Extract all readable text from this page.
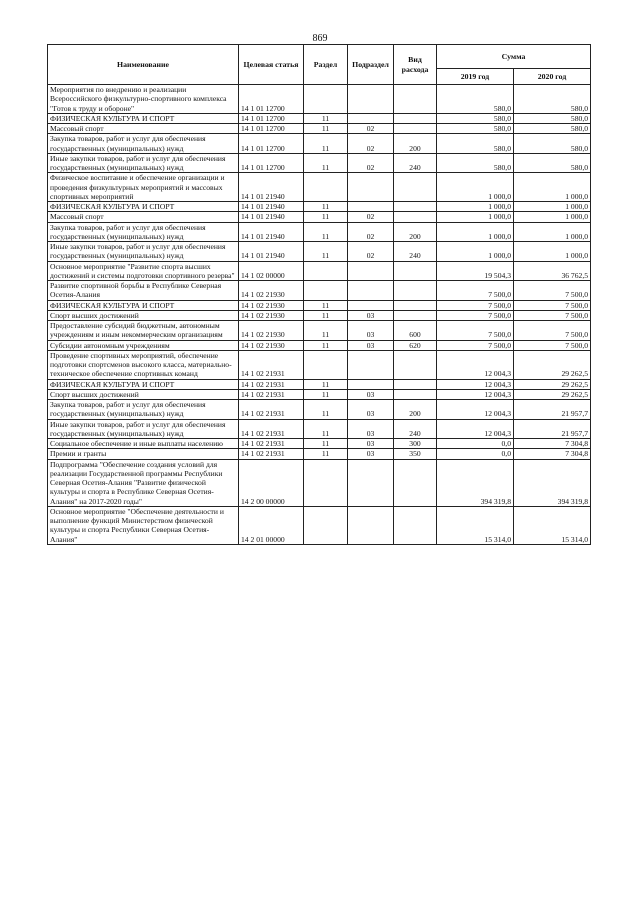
869
Наименование	Целевая статья	Раздел	Подраздел	Вид расхода	Сумма	
					2019 год	2020 год
Мероприятия по внедрению и реализации Всероссийского физкультурно-спортивного комплекса "Готов к труду и обороне"	14 1 01 12700				580,0	580,0
ФИЗИЧЕСКАЯ КУЛЬТУРА И СПОРТ	14 1 01 12700	11			580,0	580,0
Массовый спорт	14 1 01 12700	11	02		580,0	580,0
Закупка товаров, работ и услуг для обеспечения государственных (муниципальных) нужд	14 1 01 12700	11	02	200	580,0	580,0
Иные закупки товаров, работ и услуг для обеспечения государственных (муниципальных) нужд	14 1 01 12700	11	02	240	580,0	580,0
Физическое воспитание и обеспечение организации и проведения физкультурных мероприятий и массовых спортивных мероприятий	14 1 01 21940				1 000,0	1 000,0
ФИЗИЧЕСКАЯ КУЛЬТУРА И СПОРТ	14 1 01 21940	11			1 000,0	1 000,0
Массовый спорт	14 1 01 21940	11	02		1 000,0	1 000,0
Закупка товаров, работ и услуг для обеспечения государственных (муниципальных) нужд	14 1 01 21940	11	02	200	1 000,0	1 000,0
Иные закупки товаров, работ и услуг для обеспечения государственных (муниципальных) нужд	14 1 01 21940	11	02	240	1 000,0	1 000,0
Основное мероприятие "Развитие спорта высших достижений и системы подготовки спортивного резерва"	14 1 02 00000				19 504,3	36 762,5
Развитие спортивной борьбы в Республике Северная Осетия-Алания	14 1 02 21930				7 500,0	7 500,0
ФИЗИЧЕСКАЯ КУЛЬТУРА И СПОРТ	14 1 02 21930	11			7 500,0	7 500,0
Спорт высших достижений	14 1 02 21930	11	03		7 500,0	7 500,0
Предоставление субсидий бюджетным, автономным учреждениям и иным некоммерческим организациям	14 1 02 21930	11	03	600	7 500,0	7 500,0
Субсидии автономным учреждениям	14 1 02 21930	11	03	620	7 500,0	7 500,0
Проведение спортивных мероприятий, обеспечение подготовки спортсменов высокого класса, материально-техническое обеспечение спортивных команд	14 1 02 21931				12 004,3	29 262,5
ФИЗИЧЕСКАЯ КУЛЬТУРА И СПОРТ	14 1 02 21931	11			12 004,3	29 262,5
Спорт высших достижений	14 1 02 21931	11	03		12 004,3	29 262,5
Закупка товаров, работ и услуг для обеспечения государственных (муниципальных) нужд	14 1 02 21931	11	03	200	12 004,3	21 957,7
Иные закупки товаров, работ и услуг для обеспечения государственных (муниципальных) нужд	14 1 02 21931	11	03	240	12 004,3	21 957,7
Социальное обеспечение и иные выплаты населению	14 1 02 21931	11	03	300	0,0	7 304,8
Премии и гранты	14 1 02 21931	11	03	350	0,0	7 304,8
Подпрограмма "Обеспечение создания условий для реализации Государственной программы Республики Северная Осетия-Алания "Развитие физической культуры и спорта в Республике Северная Осетия-Алания" на 2017-2020 годы"	14 2 00 00000				394 319,8	394 319,8
Основное мероприятие "Обеспечение деятельности и выполнение функций Министерством физической культуры и спорта Республики Северная Осетия-Алания"	14 2 01 00000				15 314,0	15 314,0
